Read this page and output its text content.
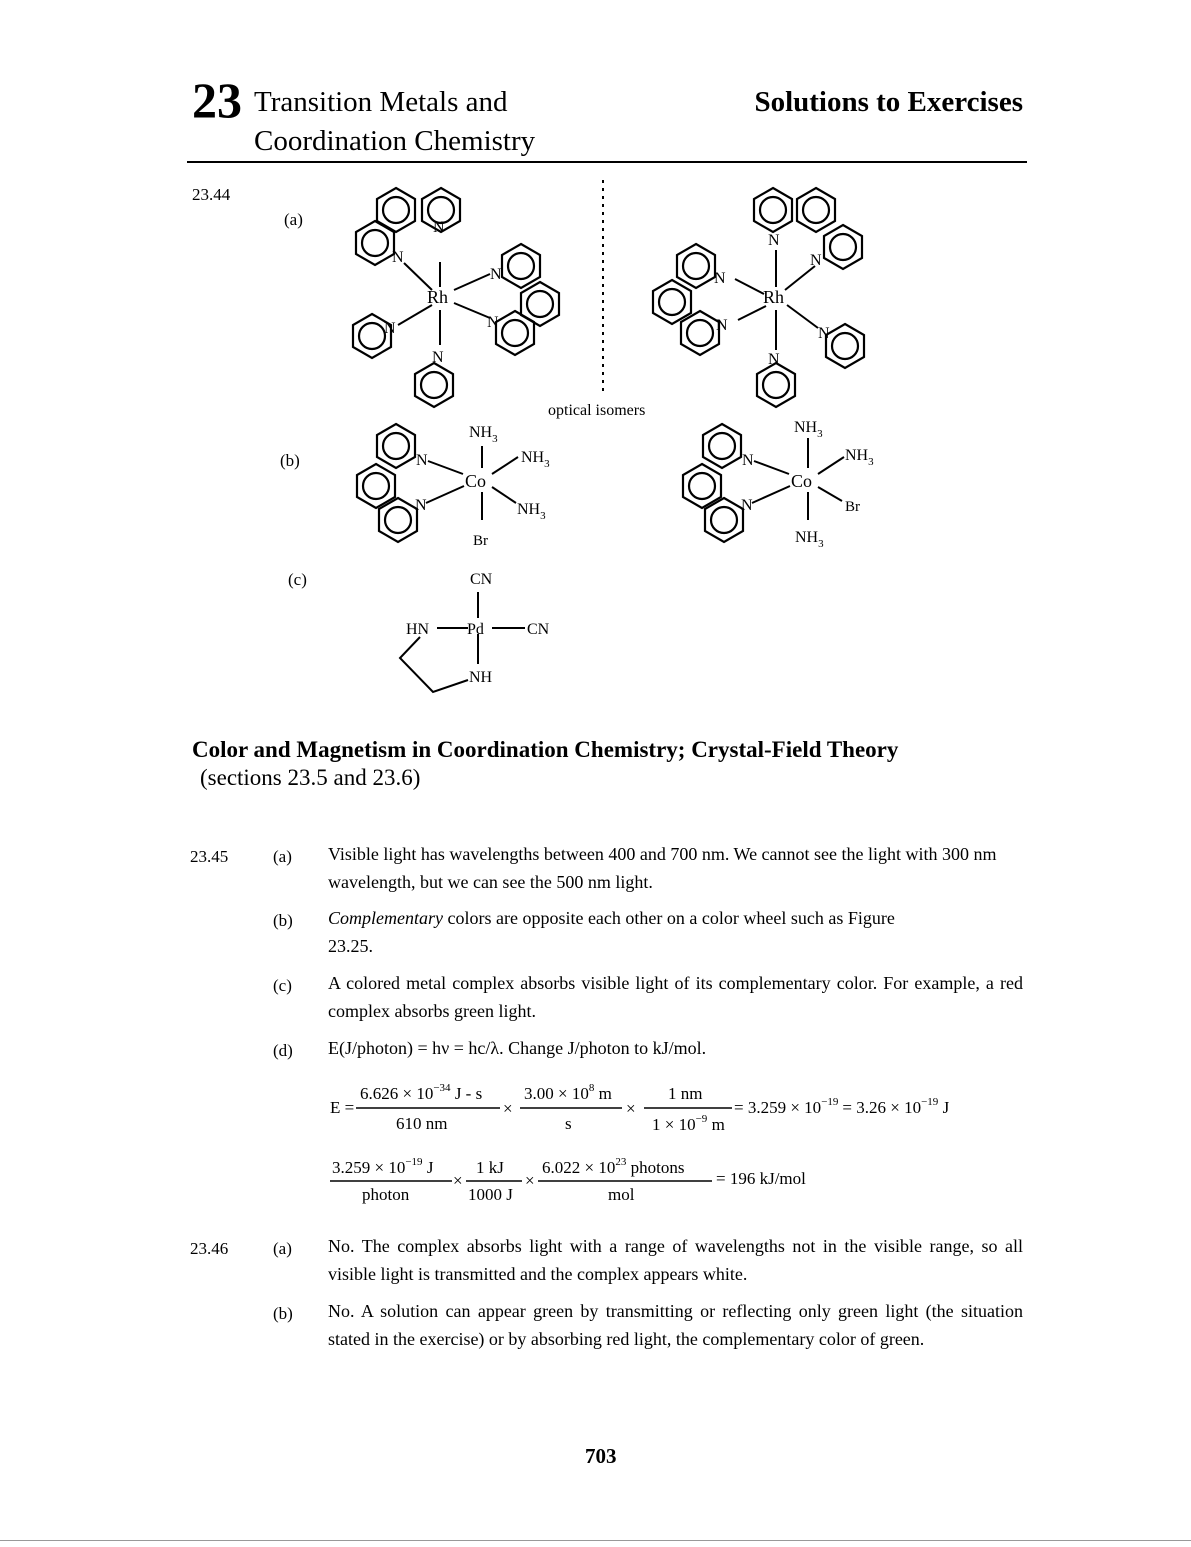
23 Transition Metals and
Coordination Chemistry
Solutions to Exercises
23.44
(a)
(b)
(c)
Rh
N
N
N
N
N
N
optical isomers
Rh
N
N
N
N	N
N
Co
N
N
$NH_3$
$NH_3$
$NH_3$
Br
Co
N
N
$NH_3$
$NH_3$
Br
$NH_3$
CN
HN Pd	CN
NH
Color and Magnetism in Coordination Chemistry; Crystal-Field Theory
(sections 23.5 and 23.6)
23.45	(a) Visible light has wavelengths between 400 and 700 nm. We cannot see the light with 300 nm wavelength, but we can see the 500 nm light.
(b) Complementary colors are opposite each other on a color wheel such as Figure 23.25.
(c) A colored metal complex absorbs visible light of its complementary color. For example, a red complex absorbs green light.
(d) E(J/photon) = hν = hc/λ. Change J/photon to kJ/mol.
E =
$6.626 \times 10^{-34}$ J - s
610 nm
×
$3.00 \times 10^8$ m
s
×
1 nm
$1 \times 10^{-9}$ m
= $3.259 \times 10^{-19} = 3.26 \times 10^{-19}$ J
$3.259 \times 10^{-19}$ J
photon
×
1 kJ
1000 J
×
$6.022 \times 10^{23}$ photons
mol
= 196 kJ/mol
23.46	(a) No. The complex absorbs light with a range of wavelengths not in the visible range, so all visible light is transmitted and the complex appears white.
(b) No. A solution can appear green by transmitting or reflecting only green light (the situation stated in the exercise) or by absorbing red light, the complementary color of green.
703
